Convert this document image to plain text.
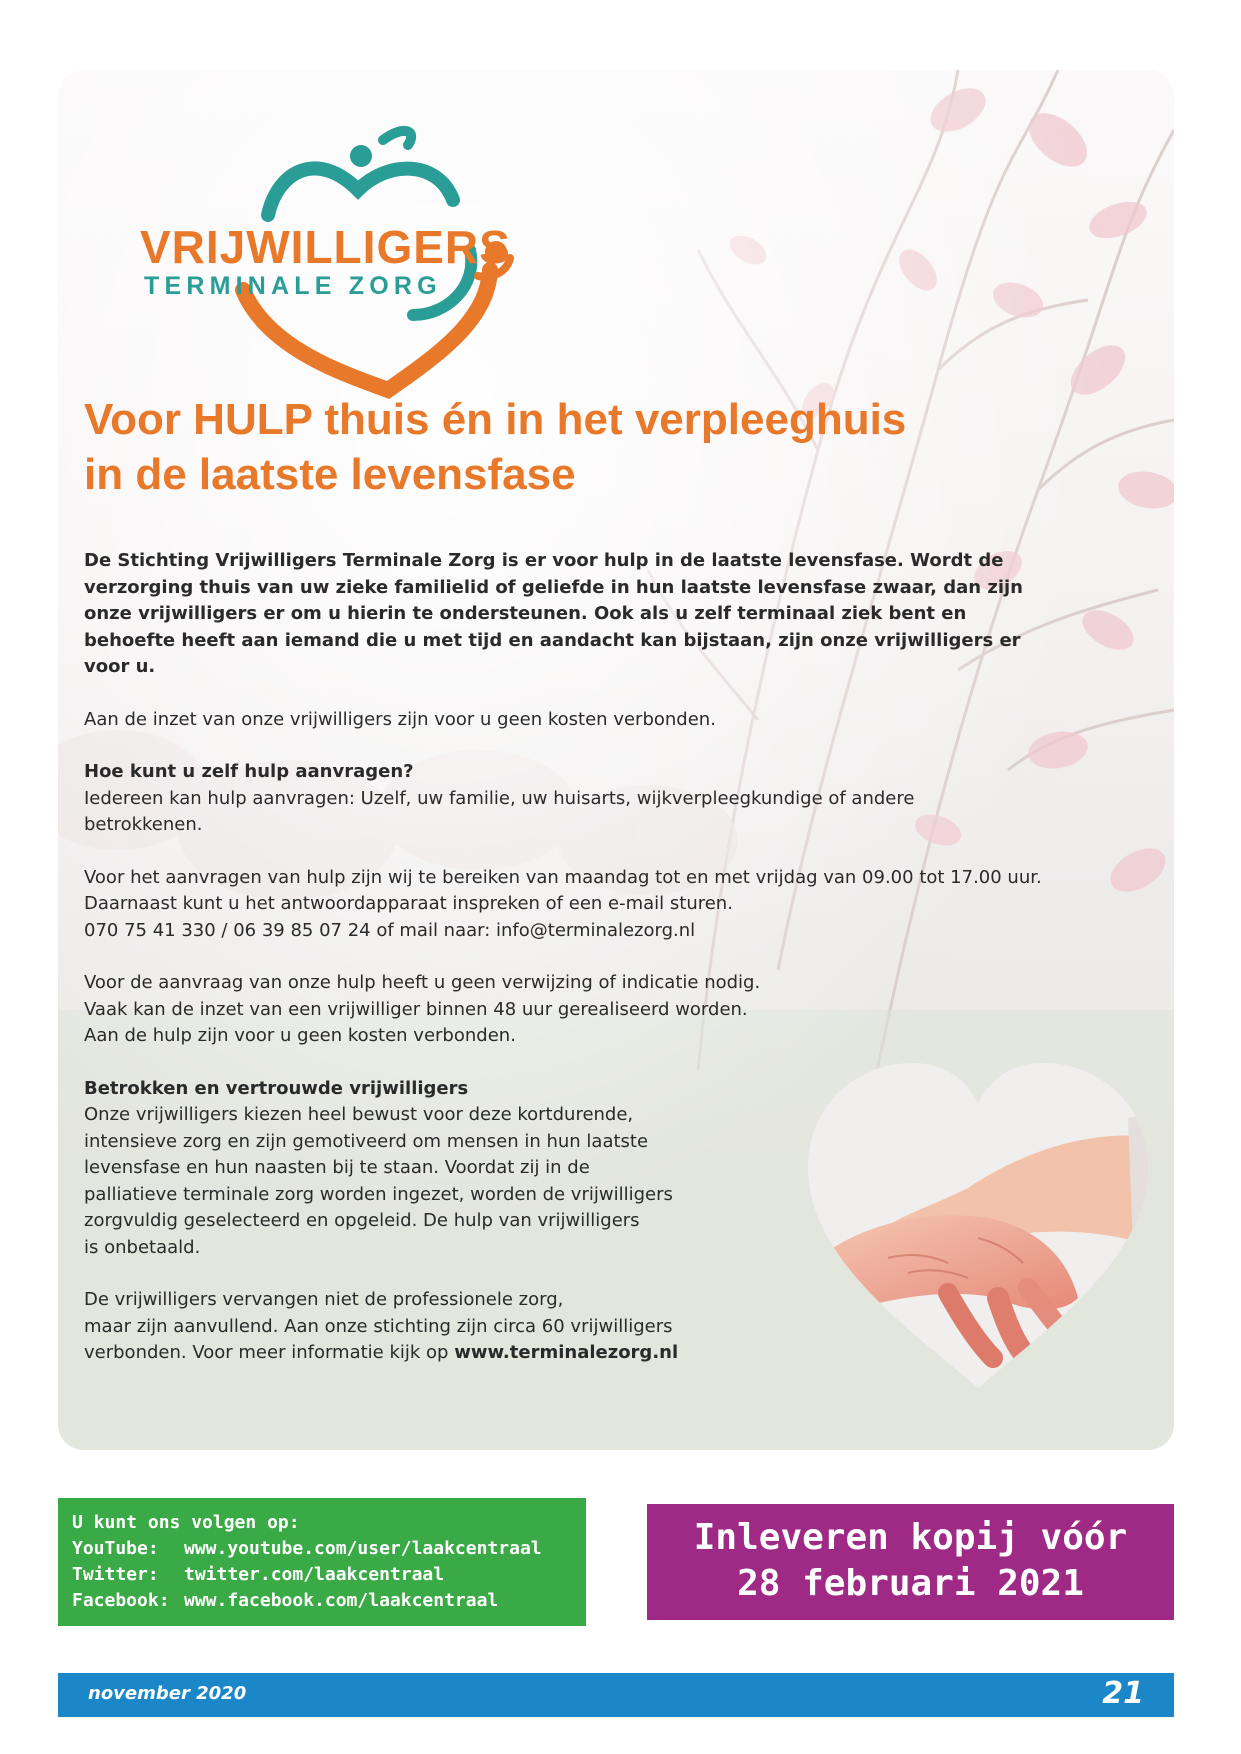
VRIJWILLIGERS
TERMINALE ZORG
Voor HULP thuis én in het verpleeghuis
in de laatste levensfase

De Stichting Vrijwilligers Terminale Zorg is er voor hulp in de laatste levensfase. Wordt de
verzorging thuis van uw zieke familielid of geliefde in hun laatste levensfase zwaar, dan zijn
onze vrijwilligers er om u hierin te ondersteunen. Ook als u zelf terminaal ziek bent en
behoefte heeft aan iemand die u met tijd en aandacht kan bijstaan, zijn onze vrijwilligers er
voor u.

Aan de inzet van onze vrijwilligers zijn voor u geen kosten verbonden.

Hoe kunt u zelf hulp aanvragen?
Iedereen kan hulp aanvragen: Uzelf, uw familie, uw huisarts, wijkverpleegkundige of andere
betrokkenen.

Voor het aanvragen van hulp zijn wij te bereiken van maandag tot en met vrijdag van 09.00 tot 17.00 uur.
Daarnaast kunt u het antwoordapparaat inspreken of een e-mail sturen.
070 75 41 330 / 06 39 85 07 24 of mail naar: info@terminalezorg.nl

Voor de aanvraag van onze hulp heeft u geen verwijzing of indicatie nodig.
Vaak kan de inzet van een vrijwilliger binnen 48 uur gerealiseerd worden.
Aan de hulp zijn voor u geen kosten verbonden.

Betrokken en vertrouwde vrijwilligers
Onze vrijwilligers kiezen heel bewust voor deze kortdurende,
intensieve zorg en zijn gemotiveerd om mensen in hun laatste
levensfase en hun naasten bij te staan. Voordat zij in de
palliatieve terminale zorg worden ingezet, worden de vrijwilligers
zorgvuldig geselecteerd en opgeleid. De hulp van vrijwilligers
is onbetaald.

De vrijwilligers vervangen niet de professionele zorg,
maar zijn aanvullend. Aan onze stichting zijn circa 60 vrijwilligers
verbonden. Voor meer informatie kijk op www.terminalezorg.nl

U kunt ons volgen op:
YouTube: www.youtube.com/user/laakcentraal
Twitter: twitter.com/laakcentraal
Facebook: www.facebook.com/laakcentraal
Inleveren kopij vóór
28 februari 2021
november 2020	21
